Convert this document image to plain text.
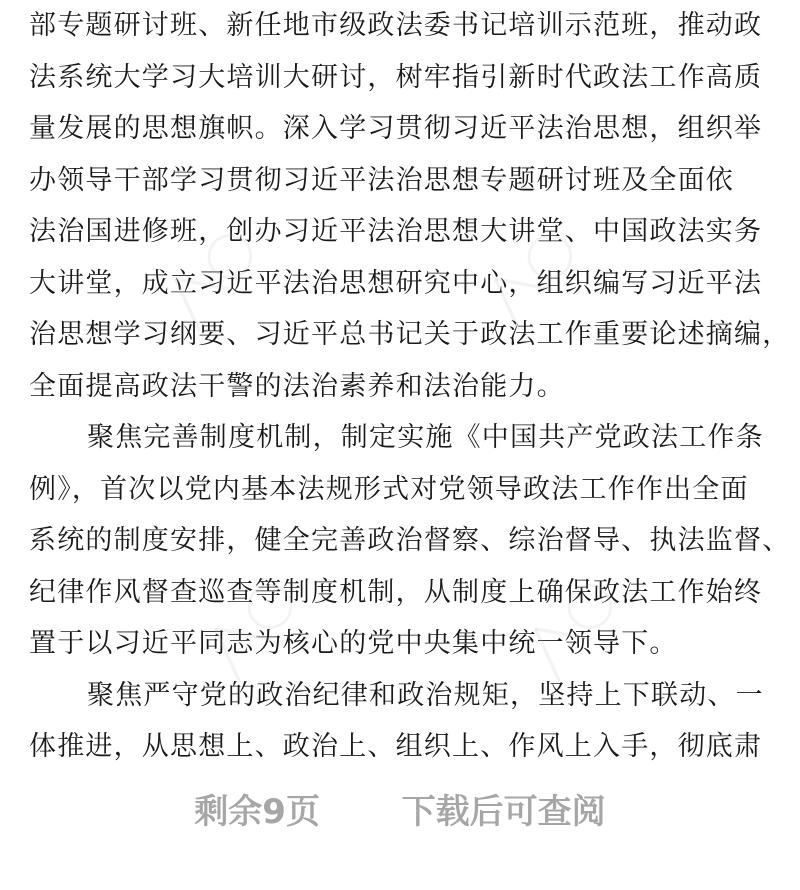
部专题研讨班、新任地市级政法委书记培训示范班，推动政
法系统大学习大培训大研讨，树牢指引新时代政法工作高质
量发展的思想旗帜。深入学习贯彻习近平法治思想，组织举
办领导干部学习贯彻习近平法治思想专题研讨班及全面依
法治国进修班，创办习近平法治思想大讲堂、中国政法实务
大讲堂，成立习近平法治思想研究中心，组织编写习近平法
治思想学习纲要、习近平总书记关于政法工作重要论述摘编，
全面提高政法干警的法治素养和法治能力。
聚焦完善制度机制，制定实施《中国共产党政法工作条
例》，首次以党内基本法规形式对党领导政法工作作出全面
系统的制度安排，健全完善政治督察、综治督导、执法监督、
纪律作风督查巡查等制度机制，从制度上确保政法工作始终
置于以习近平同志为核心的党中央集中统一领导下。
聚焦严守党的政治纪律和政治规矩，坚持上下联动、一
体推进，从思想上、政治上、组织上、作风上入手，彻底肃
╱╲◯	╱╲◯
╱╲◯	╱╲◯
剩余9页 下载后可查阅
